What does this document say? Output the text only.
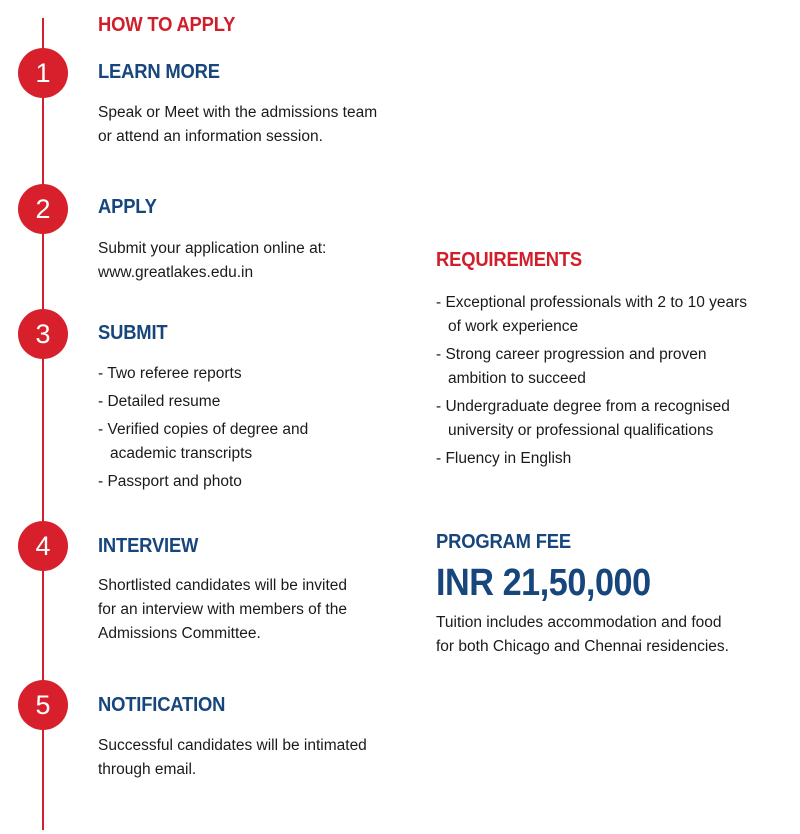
HOW TO APPLY
1	LEARN MORE
Speak or Meet with the admissions team
or attend an information session.
2	APPLY
Submit your application online at:
www.greatlakes.edu.in
3	SUBMIT
- Two referee reports
- Detailed resume
- Verified copies of degree and academic transcripts
- Passport and photo
4	INTERVIEW
Shortlisted candidates will be invited
for an interview with members of the
Admissions Committee.
5	NOTIFICATION
Successful candidates will be intimated
through email.
REQUIREMENTS
- Exceptional professionals with 2 to 10 years of work experience
- Strong career progression and proven ambition to succeed
- Undergraduate degree from a recognised university or professional qualifications
- Fluency in English
PROGRAM FEE
INR 21,50,000
Tuition includes accommodation and food
for both Chicago and Chennai residencies.
